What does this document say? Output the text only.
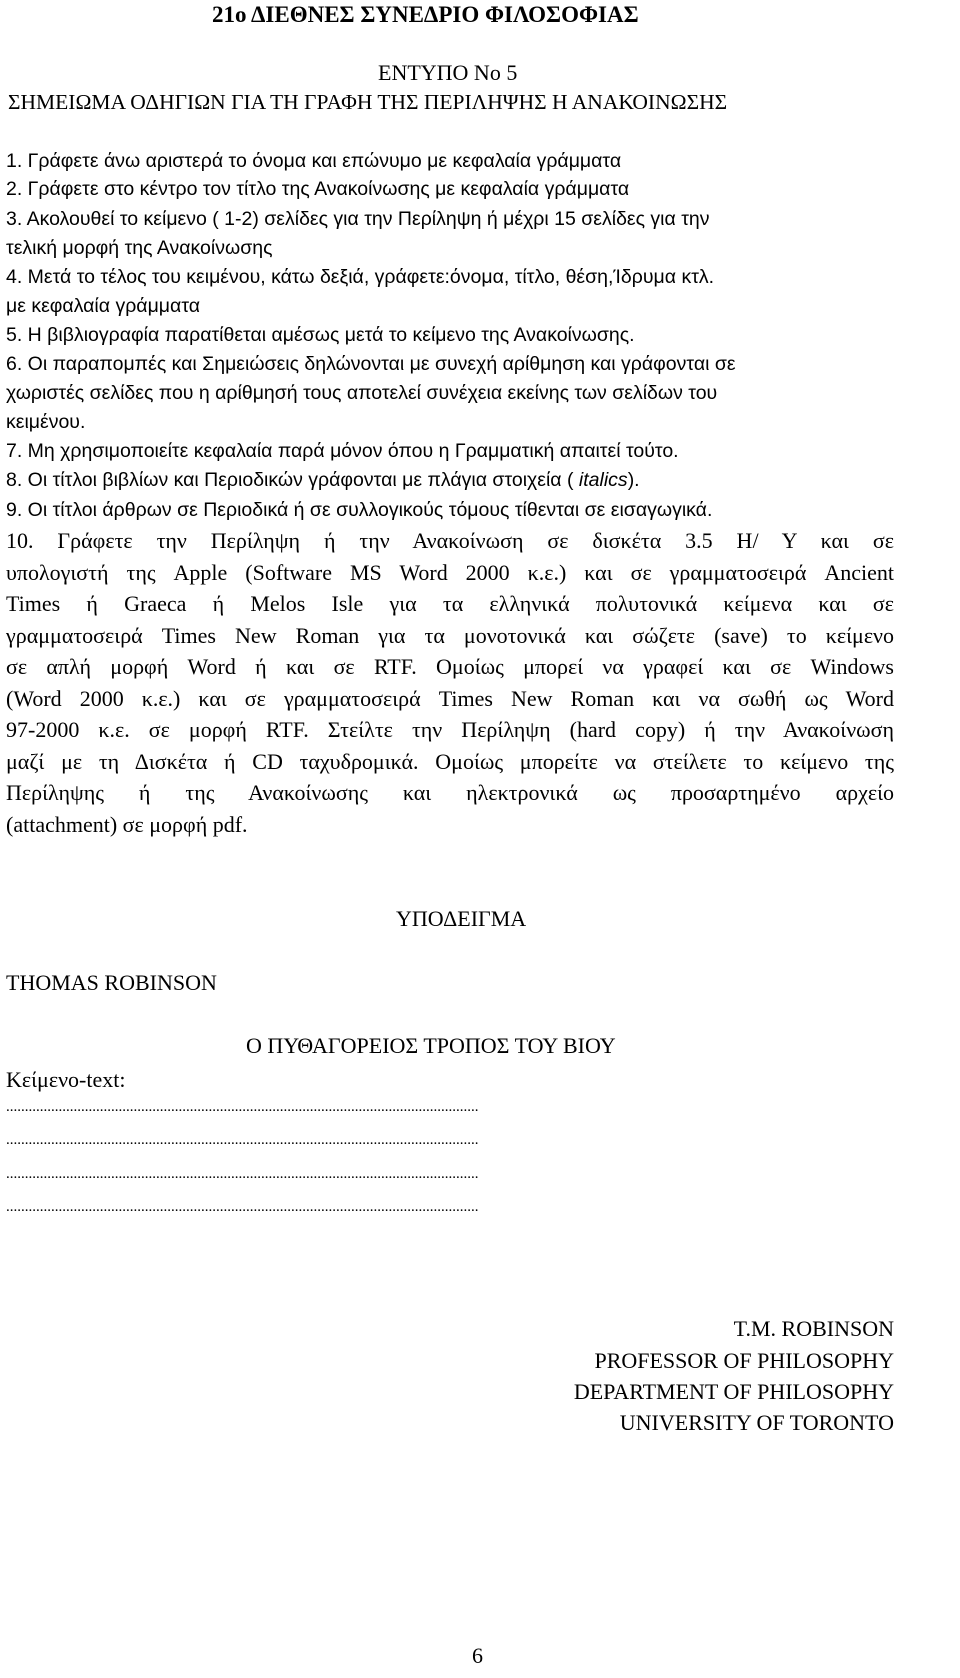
21ο ΔΙΕΘΝΕΣ ΣΥΝΕΔΡΙΟ ΦΙΛΟΣΟΦΙΑΣ
ΕΝΤΥΠΟ Νο 5
ΣΗΜΕΙΩΜΑ ΟΔΗΓΙΩΝ ΓΙΑ ΤΗ ΓΡΑΦΗ ΤΗΣ ΠΕΡΙΛΗΨΗΣ Η ΑΝΑΚΟΙΝΩΣΗΣ
1. Γράφετε άνω αριστερά το όνομα και επώνυμο με κεφαλαία γράμματα
2. Γράφετε στο κέντρο τον τίτλο της Ανακοίνωσης με κεφαλαία γράμματα
3. Ακολουθεί το κείμενο ( 1-2) σελίδες για την Περίληψη ή μέχρι 15 σελίδες για την
τελική μορφή της Ανακοίνωσης
4. Μετά το τέλος του κειμένου, κάτω δεξιά, γράφετε:όνομα, τίτλο, θέση,Ίδρυμα κτλ.
με κεφαλαία γράμματα
5. Η βιβλιογραφία παρατίθεται αμέσως μετά το κείμενο της Ανακοίνωσης.
6. Οι παραπομπές και Σημειώσεις δηλώνονται με συνεχή αρίθμηση και γράφονται σε
χωριστές σελίδες που η αρίθμησή τους αποτελεί συνέχεια εκείνης των σελίδων του
κειμένου.
7. Μη χρησιμοποιείτε κεφαλαία παρά μόνον όπου η Γραμματική απαιτεί τούτο.
8. Οι τίτλοι βιβλίων και Περιοδικών γράφονται με πλάγια στοιχεία ( italics).
9. Οι τίτλοι άρθρων σε Περιοδικά ή σε συλλογικούς τόμους τίθενται σε εισαγωγικά.
10. Γράφετε την Περίληψη ή την Ανακοίνωση σε δισκέτα 3.5 Η/ Υ και σε
υπολογιστή της Apple (Software MS Word 2000 κ.ε.) και σε γραμματοσειρά Ancient
Times ή Graeca ή Melos Isle για τα ελληνικά πολυτονικά κείμενα και σε
γραμματοσειρά Times New Roman για τα μονοτονικά και σώζετε (save) το κείμενο
σε απλή μορφή Word ή και σε RTF. Ομοίως μπορεί να γραφεί και σε Windows
(Word 2000 κ.ε.) και σε γραμματοσειρά Times New Roman και να σωθή ως Word
97-2000 κ.ε. σε μορφή RTF. Στείλτε την Περίληψη (hard copy) ή την Ανακοίνωση
μαζί με τη Δισκέτα ή CD ταχυδρομικά. Ομοίως μπορείτε να στείλετε το κείμενο της
Περίληψης ή της Ανακοίνωσης και ηλεκτρονικά ως προσαρτημένο αρχείο
(attachment) σε μορφή pdf.
ΥΠΟΔΕΙΓΜΑ
THOMAS ROBINSON
Ο ΠΥΘΑΓΟΡΕΙΟΣ ΤΡΟΠΟΣ ΤΟΥ ΒΙΟΥ
Κείμενο-text:
..............................................................................................................................
..............................................................................................................................
..............................................................................................................................
..............................................................................................................................
T.M. ROBINSON
PROFESSOR OF PHILOSOPHY
DEPARTMENT OF PHILOSOPHY
UNIVERSITY OF TORONTO
6
